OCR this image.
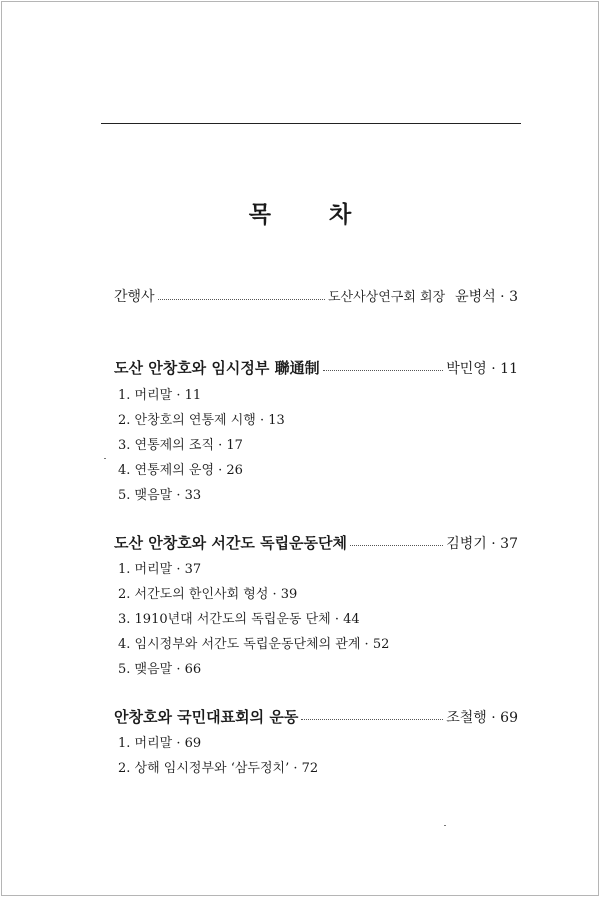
목	차
간행사	도산사상연구회 회장 윤병석 · 3
도산 안창호와 임시정부 聯通制	박민영 · 11
1. 머리말 · 11
2. 안창호의 연통제 시행 · 13
3. 연통제의 조직 · 17
4. 연통제의 운영 · 26
5. 맺음말 · 33
도산 안창호와 서간도 독립운동단체	김병기 · 37
1. 머리말 · 37
2. 서간도의 한인사회 형성 · 39
3. 1910년대 서간도의 독립운동 단체 · 44
4. 임시정부와 서간도 독립운동단체의 관계 · 52
5. 맺음말 · 66
안창호와 국민대표회의 운동	조철행 · 69
1. 머리말 · 69
2. 상해 임시정부와 ‘삼두정치’ · 72
